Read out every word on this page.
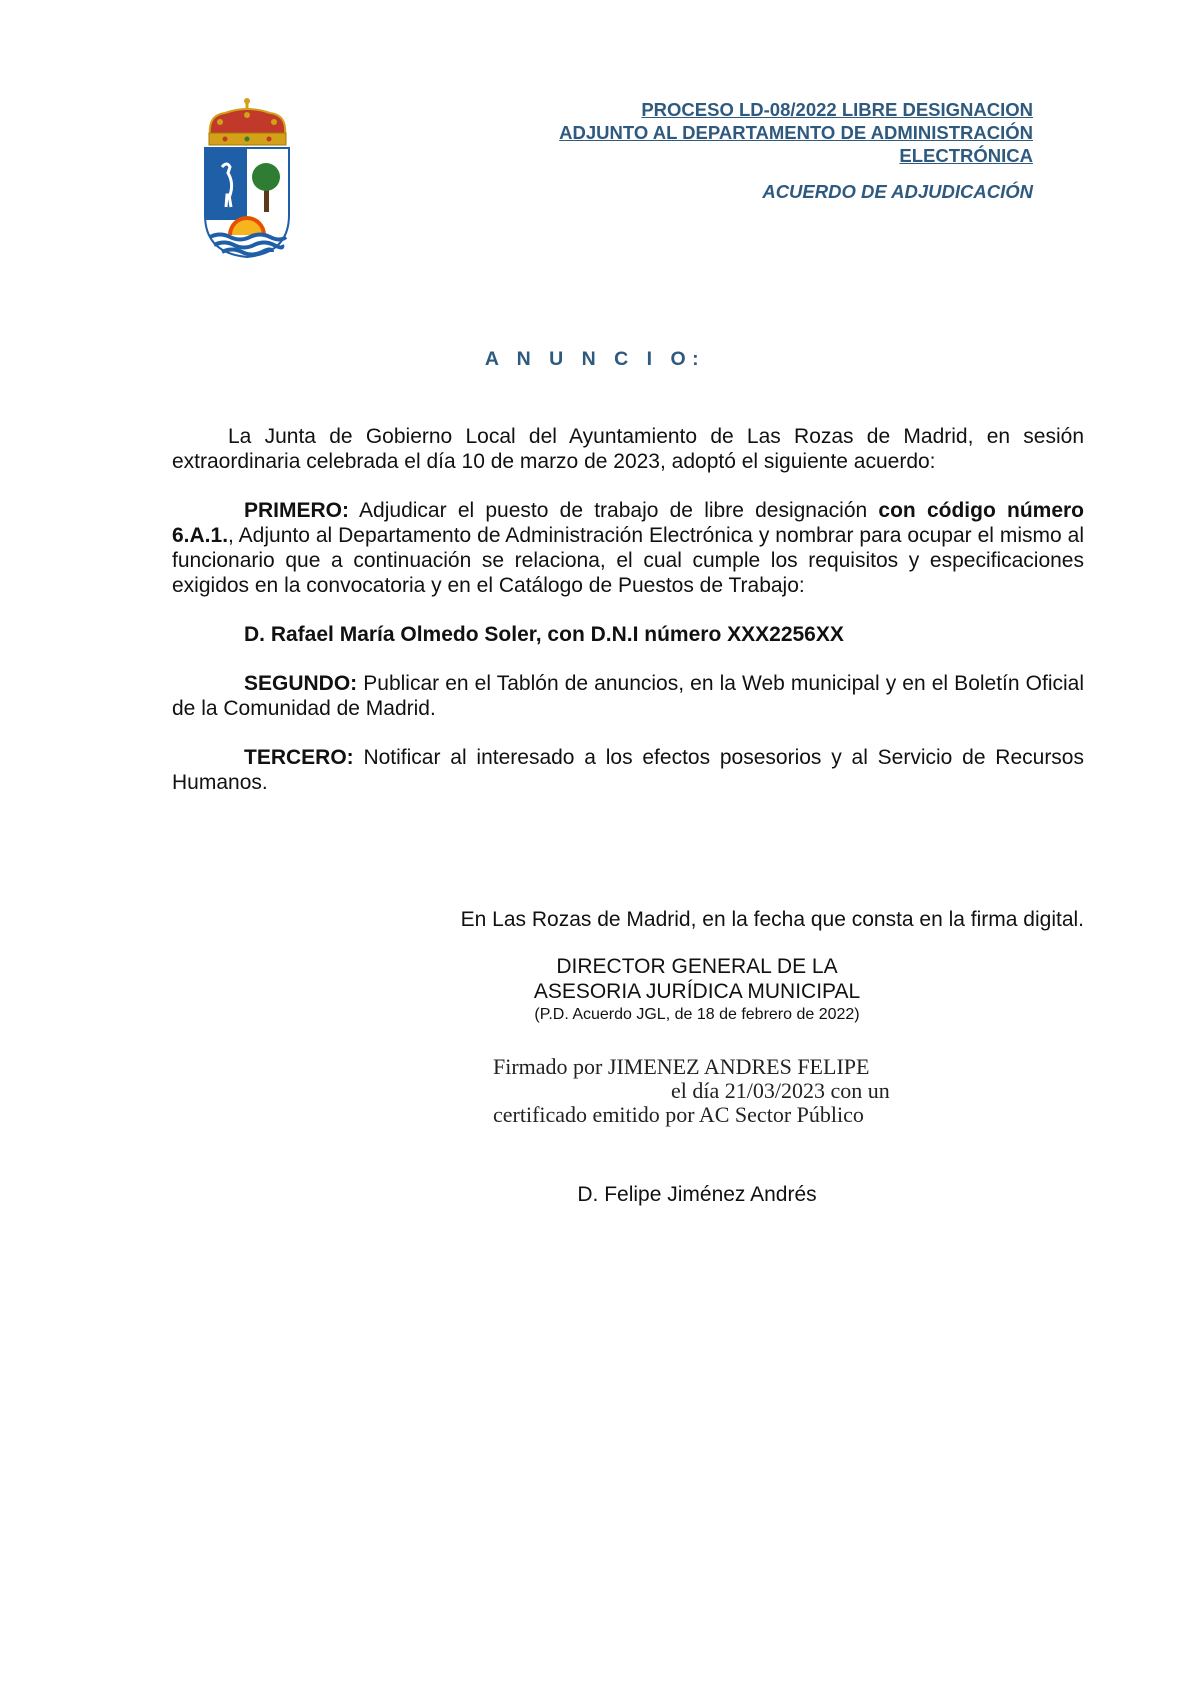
PROCESO LD-08/2022 LIBRE DESIGNACION
ADJUNTO AL DEPARTAMENTO DE ADMINISTRACIÓN
ELECTRÓNICA
ACUERDO DE ADJUDICACIÓN
A N U N C I O:

La Junta de Gobierno Local del Ayuntamiento de Las Rozas de Madrid, en sesión extraordinaria celebrada el día 10 de marzo de 2023, adoptó el siguiente acuerdo:

PRIMERO: Adjudicar el puesto de trabajo de libre designación con código número 6.A.1., Adjunto al Departamento de Administración Electrónica y nombrar para ocupar el mismo al funcionario que a continuación se relaciona, el cual cumple los requisitos y especificaciones exigidos en la convocatoria y en el Catálogo de Puestos de Trabajo:

D. Rafael María Olmedo Soler, con D.N.I número XXX2256XX

SEGUNDO: Publicar en el Tablón de anuncios, en la Web municipal y en el Boletín Oficial de la Comunidad de Madrid.

TERCERO: Notificar al interesado a los efectos posesorios y al Servicio de Recursos Humanos.

En Las Rozas de Madrid, en la fecha que consta en la firma digital.
DIRECTOR GENERAL DE LA
ASESORIA JURÍDICA MUNICIPAL
(P.D. Acuerdo JGL, de 18 de febrero de 2022)
Firmado por JIMENEZ ANDRES FELIPE
el día 21/03/2023 con un
certificado emitido por AC Sector Público
D. Felipe Jiménez Andrés
